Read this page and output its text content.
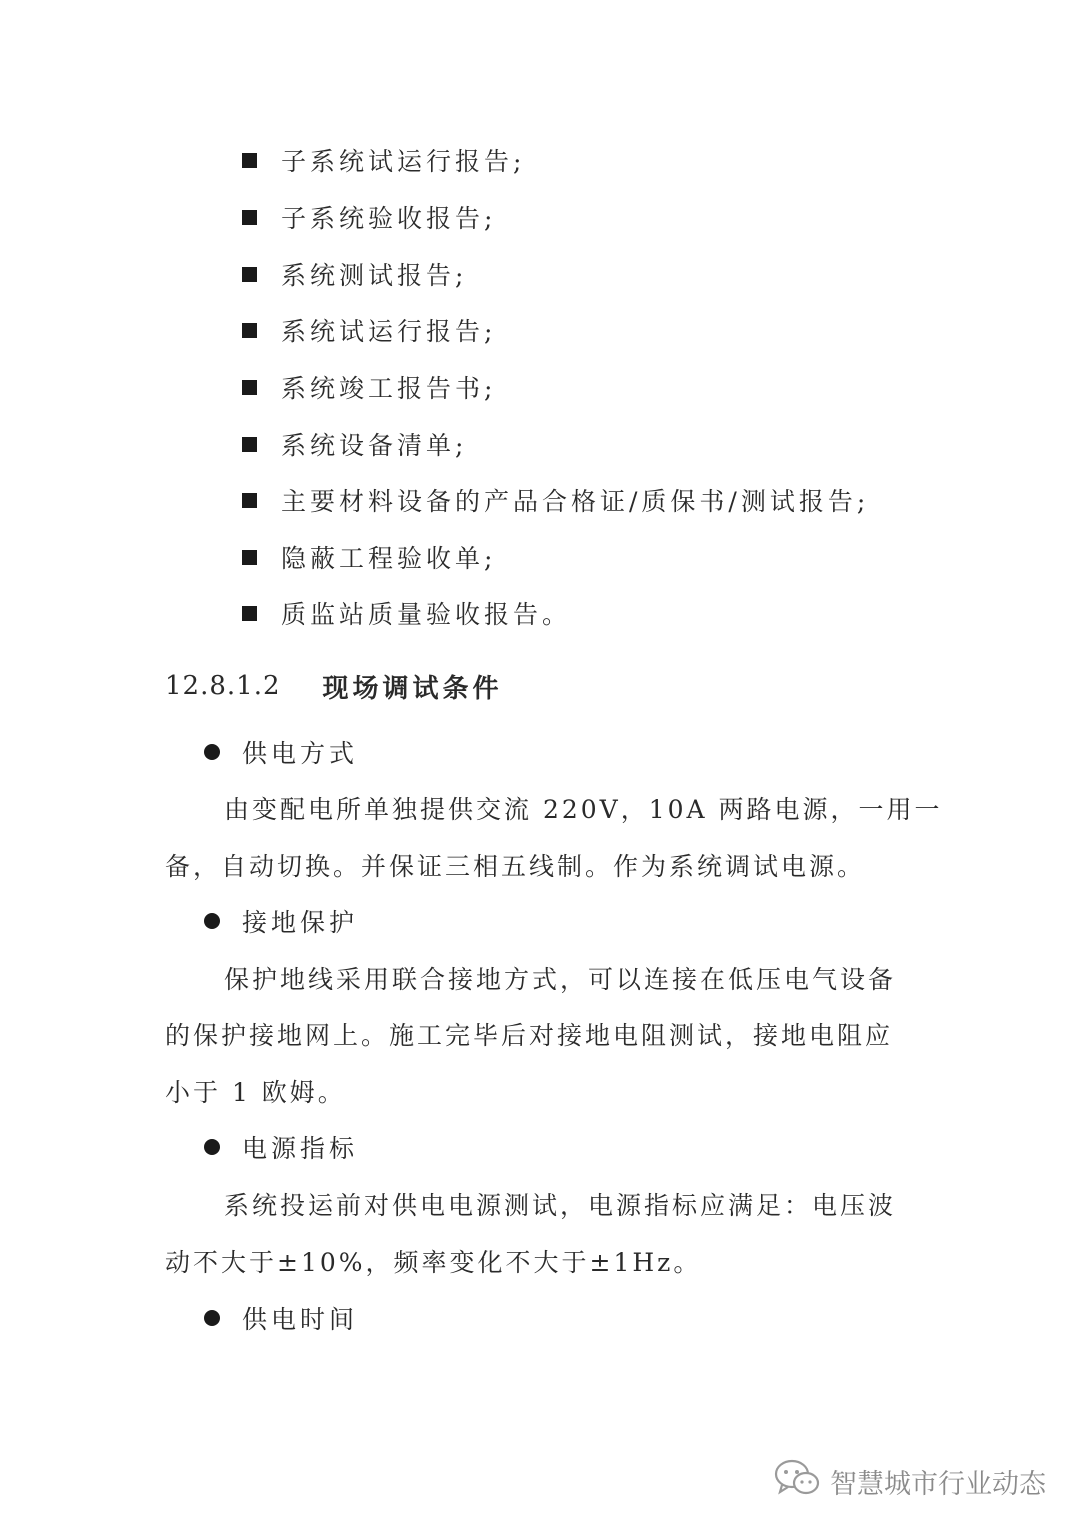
子系统试运行报告;
子系统验收报告;
系统测试报告;
系统试运行报告;
系统竣工报告书;
系统设备清单;
主要材料设备的产品合格证/质保书/测试报告;
隐蔽工程验收单;
质监站质量验收报告。
12.8.1.2 现场调试条件
供电方式
由变配电所单独提供交流 220V，10A 两路电源，一用一
备，自动切换。并保证三相五线制。作为系统调试电源。
接地保护
保护地线采用联合接地方式，可以连接在低压电气设备
的保护接地网上。施工完毕后对接地电阻测试，接地电阻应
小于 1 欧姆。
电源指标
系统投运前对供电电源测试，电源指标应满足：电压波
动不大于±10%，频率变化不大于±1Hz。
供电时间
智慧城市行业动态
